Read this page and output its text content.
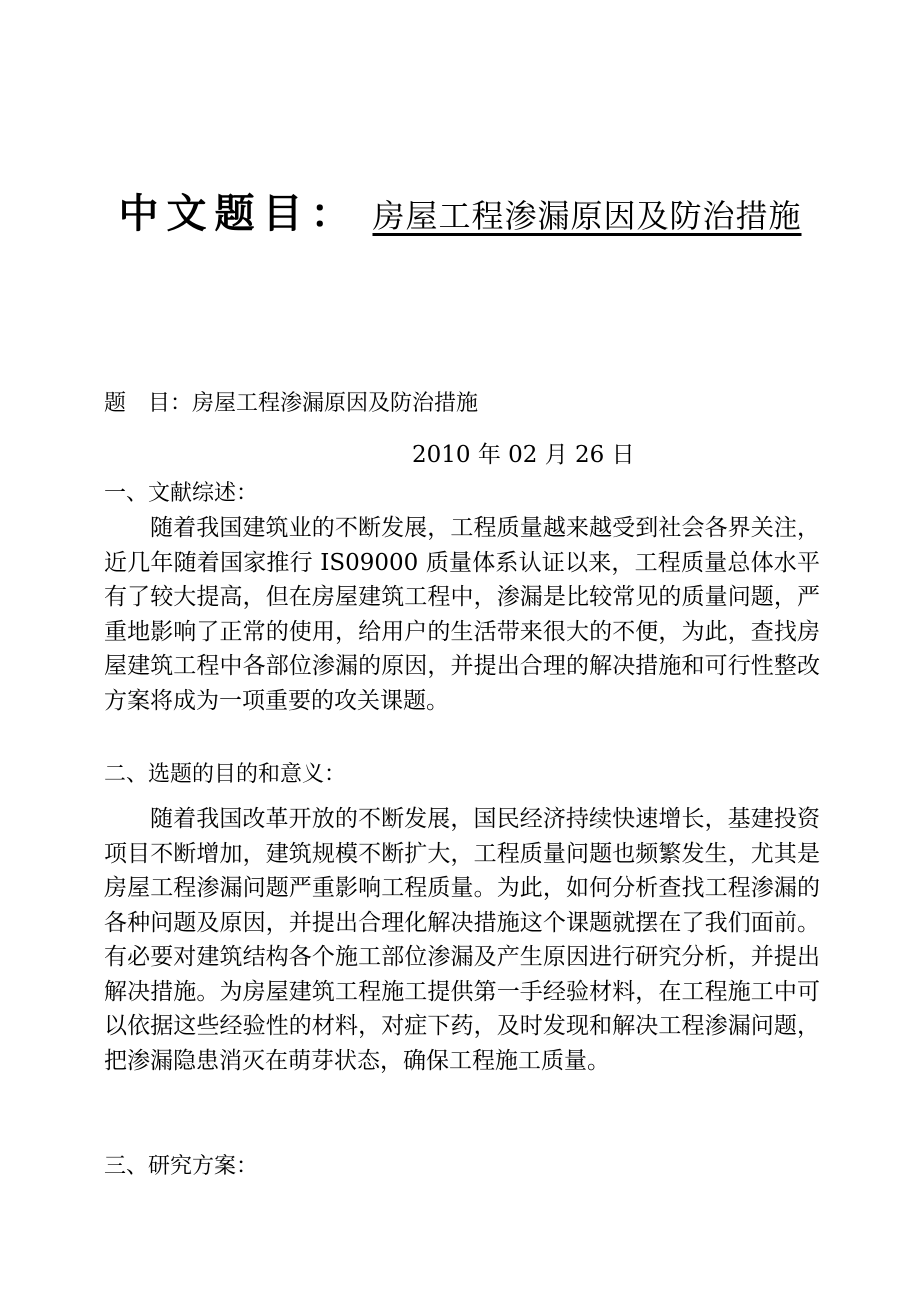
中文题目： 房屋工程渗漏原因及防治措施
题 目：房屋工程渗漏原因及防治措施
2010 年 02 月 26 日
一、文献综述：
随着我国建筑业的不断发展，工程质量越来越受到社会各界关注，近几年随着国家推行 IS09000 质量体系认证以来，工程质量总体水平有了较大提高，但在房屋建筑工程中，渗漏是比较常见的质量问题，严重地影响了正常的使用，给用户的生活带来很大的不便，为此，查找房屋建筑工程中各部位渗漏的原因，并提出合理的解决措施和可行性整改方案将成为一项重要的攻关课题。
二、选题的目的和意义：
随着我国改革开放的不断发展，国民经济持续快速增长，基建投资项目不断增加，建筑规模不断扩大，工程质量问题也频繁发生，尤其是房屋工程渗漏问题严重影响工程质量。为此，如何分析查找工程渗漏的各种问题及原因，并提出合理化解决措施这个课题就摆在了我们面前。有必要对建筑结构各个施工部位渗漏及产生原因进行研究分析，并提出解决措施。为房屋建筑工程施工提供第一手经验材料，在工程施工中可以依据这些经验性的材料，对症下药，及时发现和解决工程渗漏问题，把渗漏隐患消灭在萌芽状态，确保工程施工质量。
三、研究方案：
